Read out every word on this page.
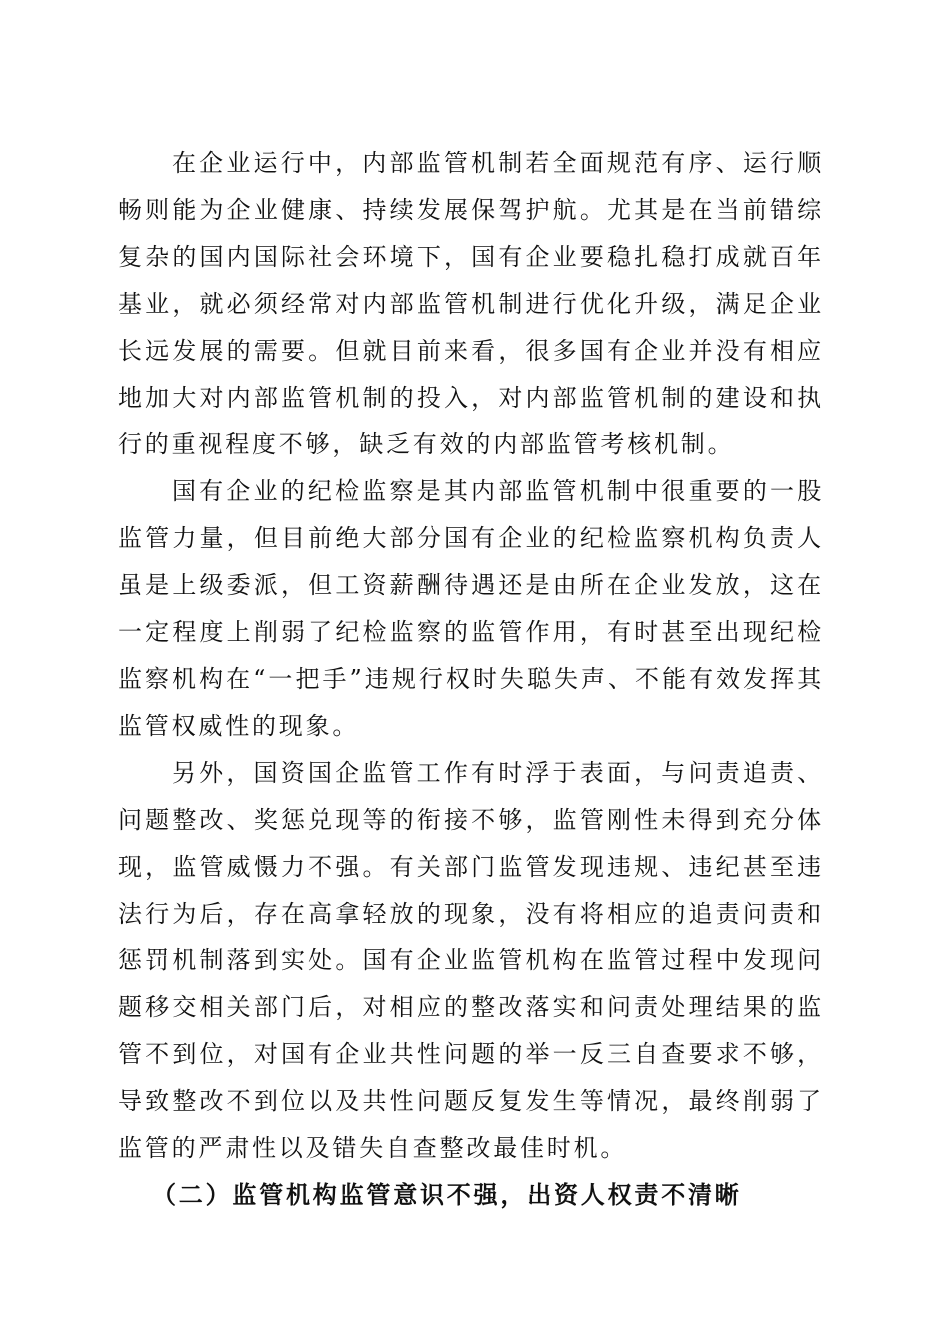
在企业运行中，内部监管机制若全面规范有序、运行顺畅则能为企业健康、持续发展保驾护航。尤其是在当前错综复杂的国内国际社会环境下，国有企业要稳扎稳打成就百年基业，就必须经常对内部监管机制进行优化升级，满足企业长远发展的需要。但就目前来看，很多国有企业并没有相应地加大对内部监管机制的投入，对内部监管机制的建设和执行的重视程度不够，缺乏有效的内部监管考核机制。

国有企业的纪检监察是其内部监管机制中很重要的一股监管力量，但目前绝大部分国有企业的纪检监察机构负责人虽是上级委派，但工资薪酬待遇还是由所在企业发放，这在一定程度上削弱了纪检监察的监管作用，有时甚至出现纪检监察机构在“一把手”违规行权时失聪失声、不能有效发挥其监管权威性的现象。

另外，国资国企监管工作有时浮于表面，与问责追责、问题整改、奖惩兑现等的衔接不够，监管刚性未得到充分体现，监管威慑力不强。有关部门监管发现违规、违纪甚至违法行为后，存在高拿轻放的现象，没有将相应的追责问责和惩罚机制落到实处。国有企业监管机构在监管过程中发现问题移交相关部门后，对相应的整改落实和问责处理结果的监管不到位，对国有企业共性问题的举一反三自查要求不够，导致整改不到位以及共性问题反复发生等情况，最终削弱了监管的严肃性以及错失自查整改最佳时机。

（二）监管机构监管意识不强，出资人权责不清晰
